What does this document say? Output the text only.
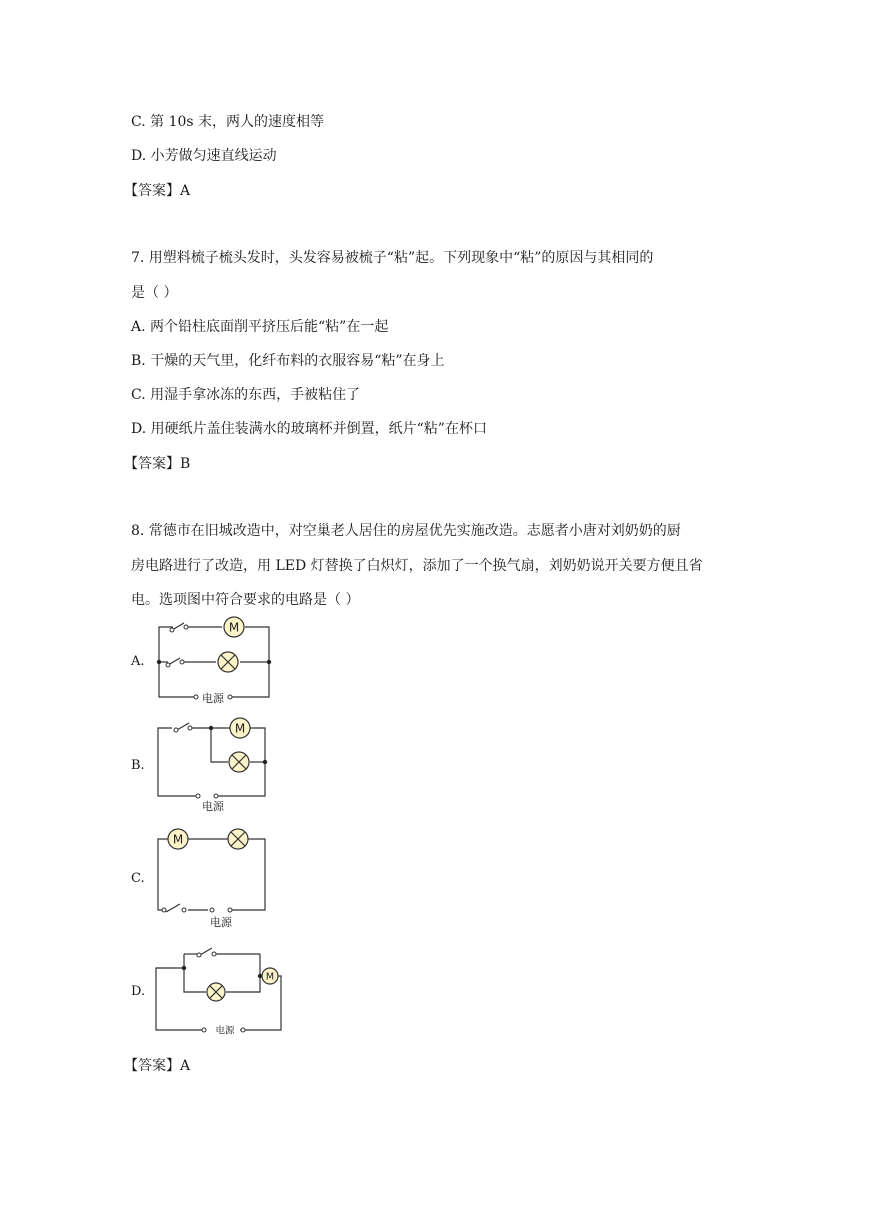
C. 第 10s 末，两人的速度相等
D. 小芳做匀速直线运动
【答案】A
7. 用塑料梳子梳头发时，头发容易被梳子“粘”起。下列现象中“粘”的原因与其相同的
是（ ）
A. 两个铅柱底面削平挤压后能“粘”在一起
B. 干燥的天气里，化纤布料的衣服容易“粘”在身上
C. 用湿手拿冰冻的东西，手被粘住了
D. 用硬纸片盖住装满水的玻璃杯并倒置，纸片“粘”在杯口
【答案】B
8. 常德市在旧城改造中，对空巢老人居住的房屋优先实施改造。志愿者小唐对刘奶奶的厨
房电路进行了改造，用 LED 灯替换了白炽灯，添加了一个换气扇，刘奶奶说开关要方便且省
电。选项图中符合要求的电路是（ ）
A.
M
电源
B.
M
电源
C.
M
电源
D.
M
电源
【答案】A
